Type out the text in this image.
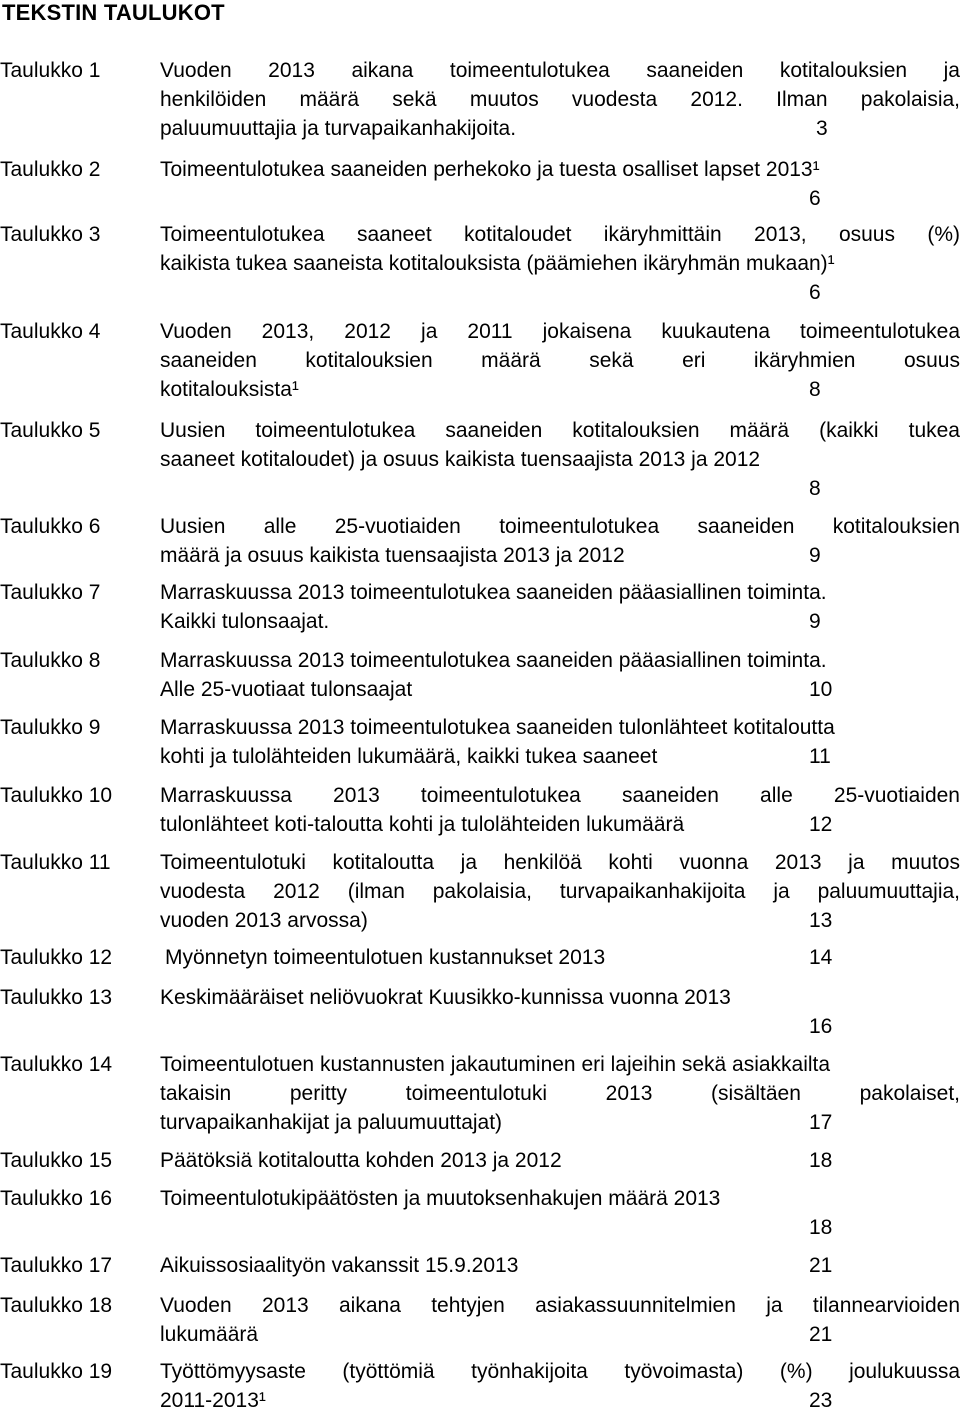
TEKSTIN TAULUKOT
Taulukko 1	Vuoden 2013 aikana toimeentulotukea saaneiden kotitalouksien ja
henkilöiden määrä sekä muutos vuodesta 2012. Ilman pakolaisia,
paluumuuttajia ja turvapaikanhakijoita.	3
Taulukko 2	Toimeentulotukea saaneiden perhekoko ja tuesta osalliset lapset 2013¹
6
Taulukko 3	Toimeentulotukea saaneet kotitaloudet ikäryhmittäin 2013, osuus (%)
kaikista tukea saaneista kotitalouksista (päämiehen ikäryhmän mukaan)¹
6
Taulukko 4	Vuoden 2013, 2012 ja 2011 jokaisena kuukautena toimeentulotukea
saaneiden kotitalouksien määrä sekä eri ikäryhmien osuus
kotitalouksista¹	8
Taulukko 5	Uusien toimeentulotukea saaneiden kotitalouksien määrä (kaikki tukea
saaneet kotitaloudet) ja osuus kaikista tuensaajista 2013 ja 2012
8
Taulukko 6	Uusien alle 25-vuotiaiden toimeentulotukea saaneiden kotitalouksien
määrä ja osuus kaikista tuensaajista 2013 ja 2012	9
Taulukko 7	Marraskuussa 2013 toimeentulotukea saaneiden pääasiallinen toiminta.
Kaikki tulonsaajat.	9
Taulukko 8	Marraskuussa 2013 toimeentulotukea saaneiden pääasiallinen toiminta.
Alle 25-vuotiaat tulonsaajat	10
Taulukko 9	Marraskuussa 2013 toimeentulotukea saaneiden tulonlähteet kotitaloutta
kohti ja tulolähteiden lukumäärä, kaikki tukea saaneet	11
Taulukko 10 Marraskuussa 2013 toimeentulotukea saaneiden alle 25-vuotiaiden
tulonlähteet koti-taloutta kohti ja tulolähteiden lukumäärä	12
Taulukko 11 Toimeentulotuki kotitaloutta ja henkilöä kohti vuonna 2013 ja muutos
vuodesta 2012 (ilman pakolaisia, turvapaikanhakijoita ja paluumuuttajia,
vuoden 2013 arvossa)	13
Taulukko 12	Myönnetyn toimeentulotuen kustannukset 2013	14
Taulukko 13 Keskimääräiset neliövuokrat Kuusikko-kunnissa vuonna 2013
16
Taulukko 14 Toimeentulotuen kustannusten jakautuminen eri lajeihin sekä asiakkailta
takaisin peritty toimeentulotuki 2013 (sisältäen pakolaiset,
turvapaikanhakijat ja paluumuuttajat)	17
Taulukko 15 Päätöksiä kotitaloutta kohden 2013 ja 2012	18
Taulukko 16 Toimeentulotukipäätösten ja muutoksenhakujen määrä 2013
18
Taulukko 17 Aikuissosiaalityön vakanssit 15.9.2013	21
Taulukko 18 Vuoden 2013 aikana tehtyjen asiakassuunnitelmien ja tilannearvioiden
lukumäärä	21
Taulukko 19 Työttömyysaste (työttömiä työnhakijoita työvoimasta) (%) joulukuussa
2011-2013¹	23
